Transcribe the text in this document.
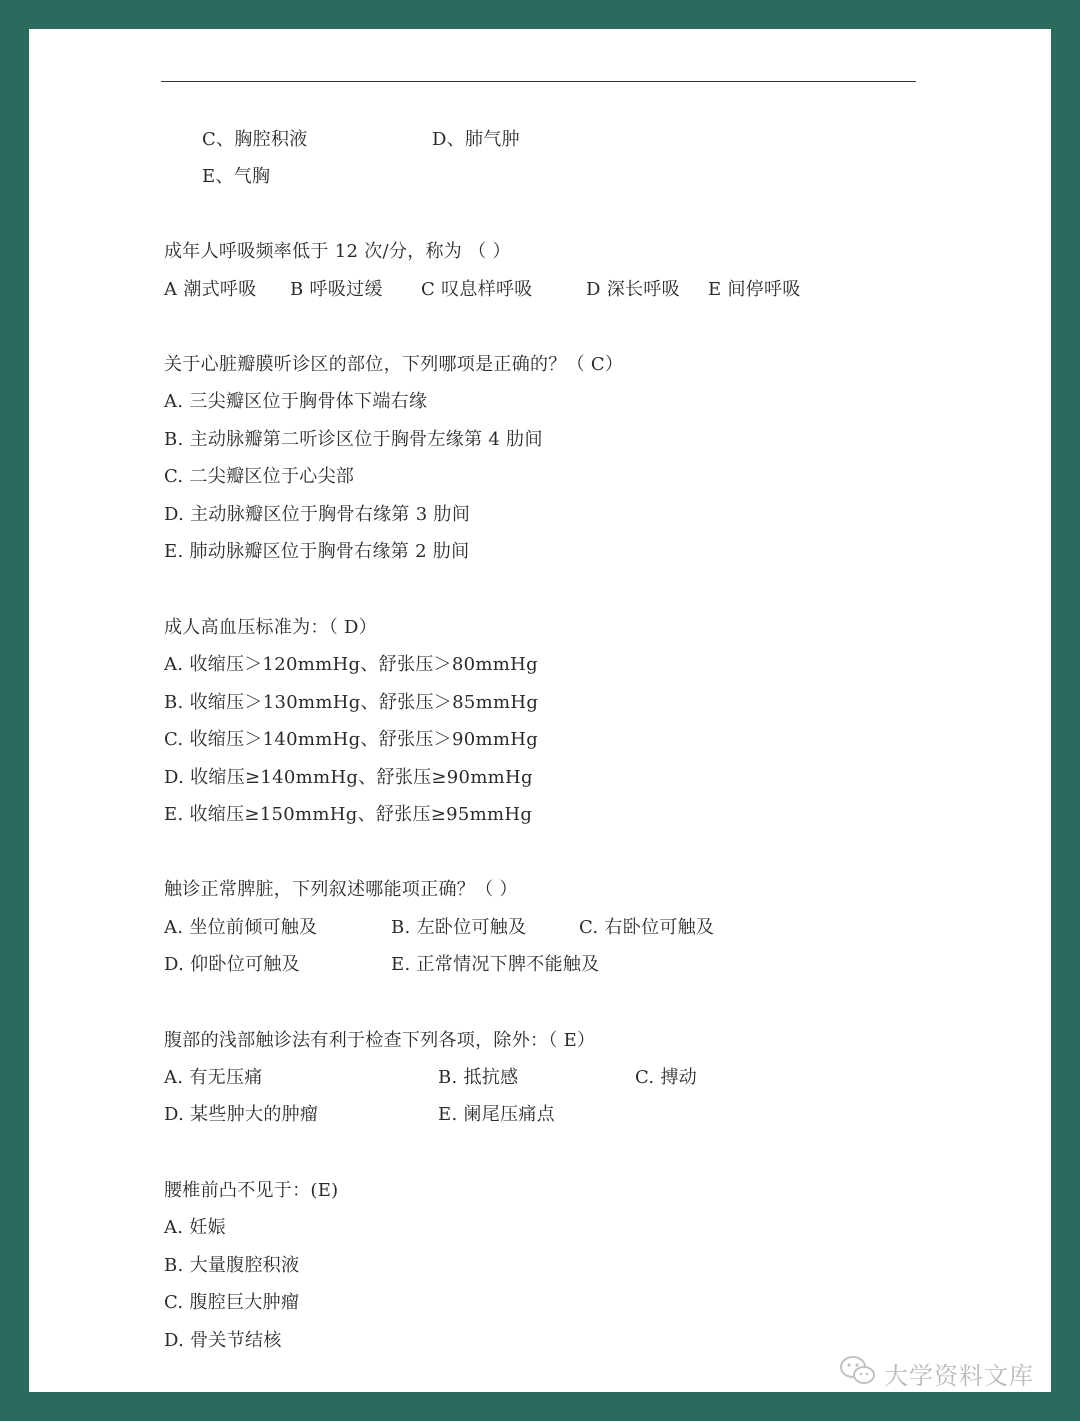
C、胸腔积液	D、肺气肿
E、气胸
成年人呼吸频率低于 12 次/分，称为 （ ）
A 潮式呼吸 B 呼吸过缓 C 叹息样呼吸	D 深长呼吸 E 间停呼吸
关于心脏瓣膜听诊区的部位，下列哪项是正确的？（ C）
A. 三尖瓣区位于胸骨体下端右缘
B. 主动脉瓣第二听诊区位于胸骨左缘第 4 肋间
C. 二尖瓣区位于心尖部
D. 主动脉瓣区位于胸骨右缘第 3 肋间
E. 肺动脉瓣区位于胸骨右缘第 2 肋间
成人高血压标准为：（ D）
A. 收缩压＞120mmHg、舒张压＞80mmHg
B. 收缩压＞130mmHg、舒张压＞85mmHg
C. 收缩压＞140mmHg、舒张压＞90mmHg
D. 收缩压≥140mmHg、舒张压≥90mmHg
E. 收缩压≥150mmHg、舒张压≥95mmHg
触诊正常脾脏，下列叙述哪能项正确？（ ）
A. 坐位前倾可触及	B. 左卧位可触及	C. 右卧位可触及
D. 仰卧位可触及	E. 正常情况下脾不能触及
腹部的浅部触诊法有利于检查下列各项，除外：（ E）
A. 有无压痛	B. 抵抗感	C. 搏动
D. 某些肿大的肿瘤	E. 阑尾压痛点
腰椎前凸不见于：(E)
A. 妊娠
B. 大量腹腔积液
C. 腹腔巨大肿瘤
D. 骨关节结核
大学资料文库
